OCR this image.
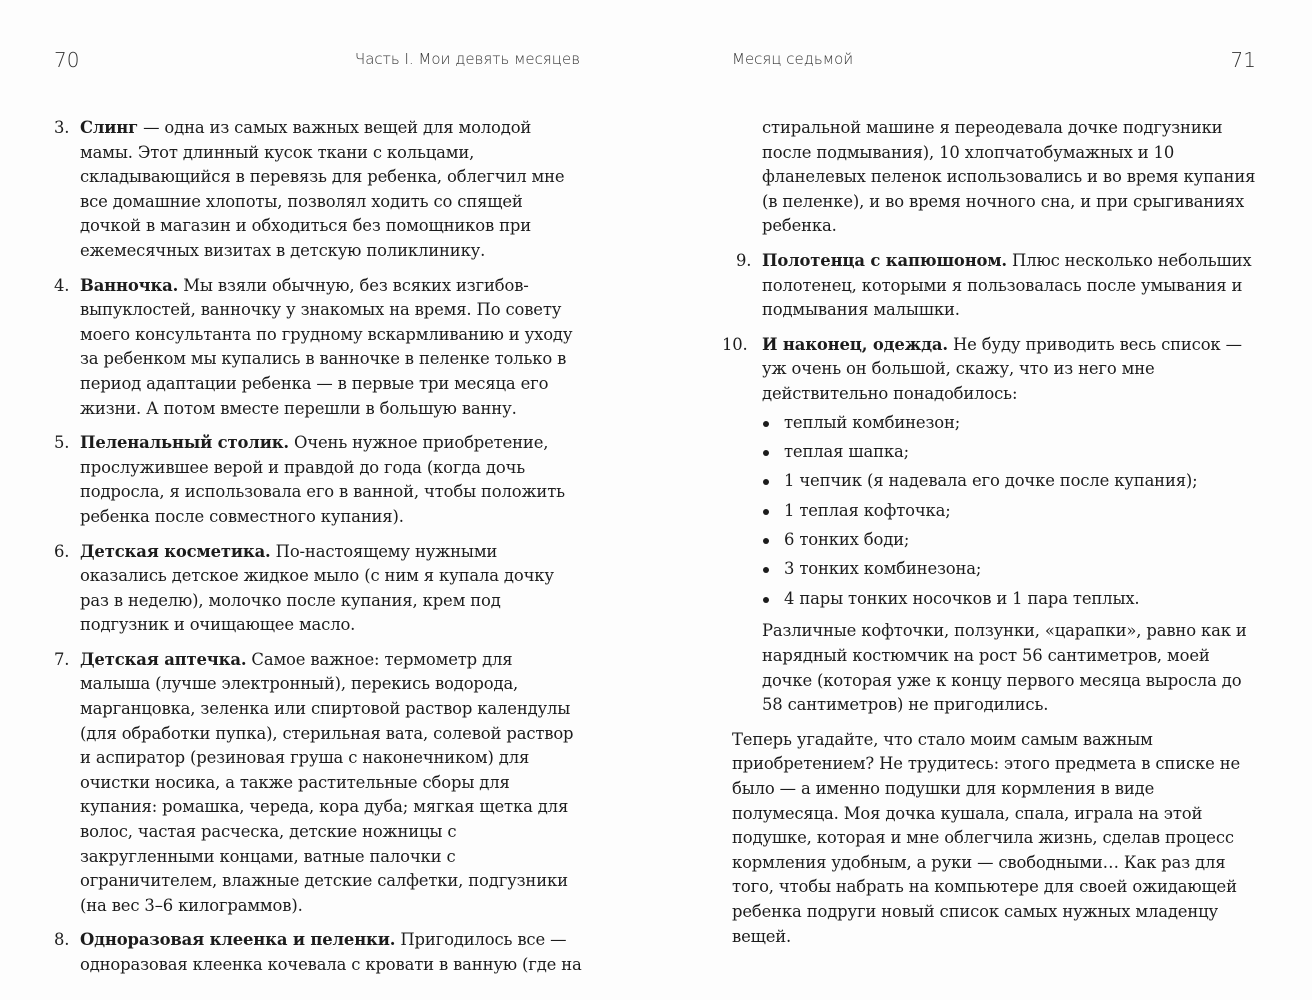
70	Часть I. Мои девять месяцев
3. Слинг — одна из самых важных вещей для молодой мамы. Этот длинный кусок ткани с кольцами, складывающийся в перевязь для ребенка, облегчил мне все домашние хлопоты, позволял ходить со спящей дочкой в магазин и обходиться без помощников при ежемесячных визитах в детскую поликлинику.
4. Ванночка. Мы взяли обычную, без всяких изгибов-выпуклостей, ванночку у знакомых на время. По совету моего консультанта по грудному вскармливанию и уходу за ребенком мы купались в ванночке в пеленке только в период адаптации ребенка — в первые три месяца его жизни. А потом вместе перешли в большую ванну.
5. Пеленальный столик. Очень нужное приобретение, прослужившее верой и правдой до года (когда дочь подросла, я использовала его в ванной, чтобы положить ребенка после совместного купания).
6. Детская косметика. По-настоящему нужными оказались детское жидкое мыло (с ним я купала дочку раз в неделю), молочко после купания, крем под подгузник и очищающее масло.
7. Детская аптечка. Самое важное: термометр для малыша (лучше электронный), перекись водорода, марганцовка, зеленка или спиртовой раствор календулы (для обработки пупка), стерильная вата, солевой раствор и аспиратор (резиновая груша с наконечником) для очистки носика, а также растительные сборы для купания: ромашка, череда, кора дуба; мягкая щетка для волос, частая расческа, детские ножницы с закругленными концами, ватные палочки с ограничителем, влажные детские салфетки, подгузники (на вес 3–6 килограммов).
8. Одноразовая клеенка и пеленки. Пригодилось все — одноразовая клеенка кочевала с кровати в ванную (где на
Месяц седьмой	71

стиральной машине я переодевала дочке подгузники после подмывания), 10 хлопчатобумажных и 10 фланелевых пеленок использовались и во время купания (в пеленке), и во время ночного сна, и при срыгиваниях ребенка.

9. Полотенца с капюшоном. Плюс несколько небольших полотенец, которыми я пользовалась после умывания и подмывания малышки.
10. И наконец, одежда. Не буду приводить весь список — уж очень он большой, скажу, что из него мне действительно понадобилось:
теплый комбинезон;
теплая шапка;
1 чепчик (я надевала его дочке после купания);
1 теплая кофточка;
6 тонких боди;
3 тонких комбинезона;
4 пары тонких носочков и 1 пара теплых.

Различные кофточки, ползунки, «царапки», равно как и нарядный костюмчик на рост 56 сантиметров, моей дочке (которая уже к концу первого месяца выросла до 58 сантиметров) не пригодились.

Теперь угадайте, что стало моим самым важным приобретением? Не трудитесь: этого предмета в списке не было — а именно подушки для кормления в виде полумесяца. Моя дочка кушала, спала, играла на этой подушке, которая и мне облегчила жизнь, сделав процесс кормления удобным, а руки — свободными… Как раз для того, чтобы набрать на компьютере для своей ожидающей ребенка подруги новый список самых нужных младенцу вещей.
